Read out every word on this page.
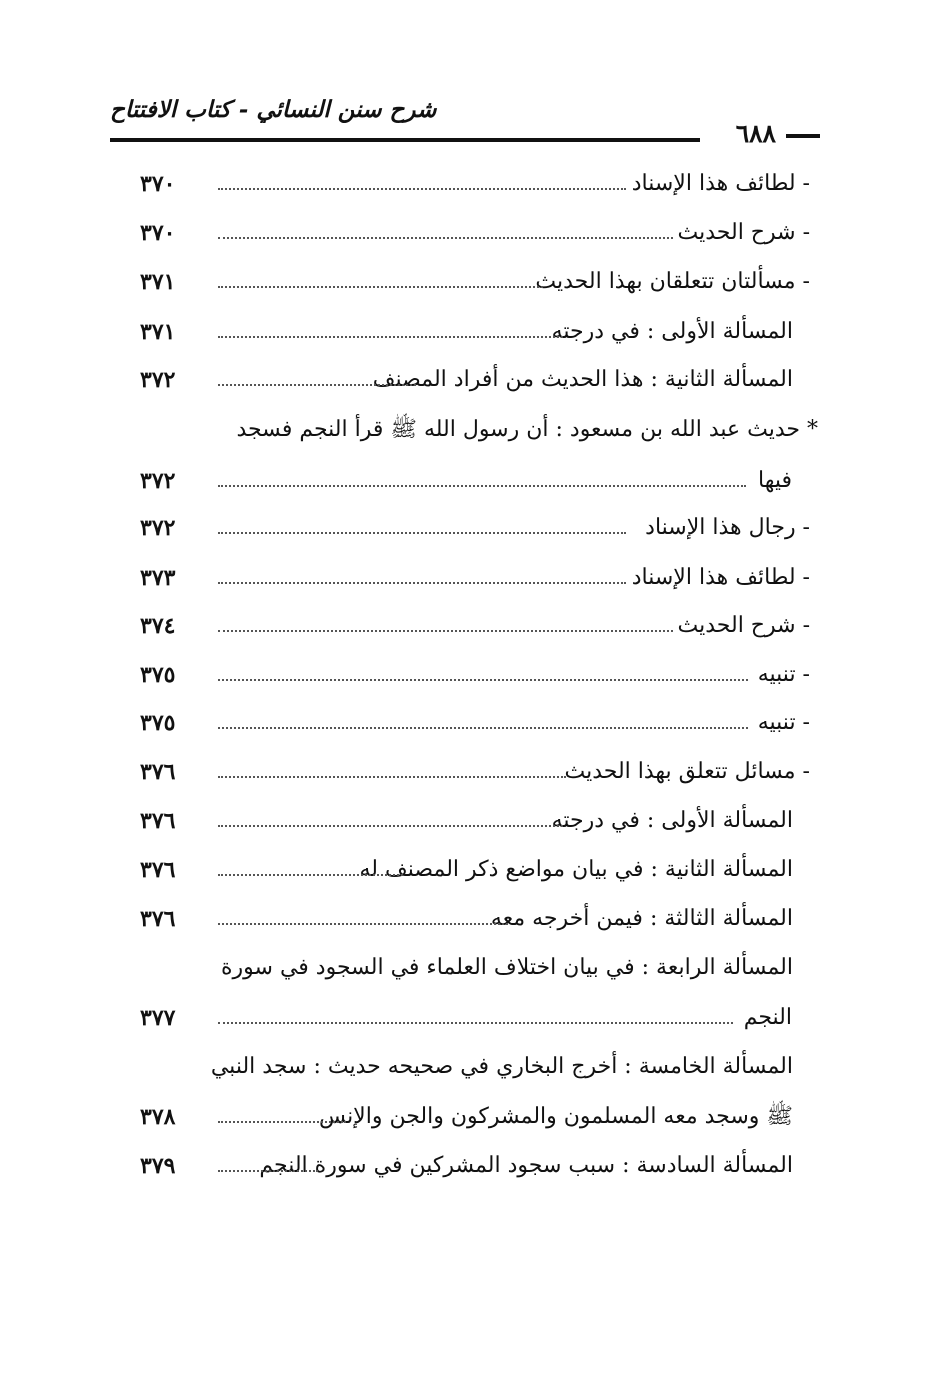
شرح سنن النسائي - كتاب الافتتاح
٦٨٨
- لطائف هذا الإسناد
٣٧٠
- شرح الحديث
٣٧٠
- مسألتان تتعلقان بهذا الحديث
٣٧١
المسألة الأولى : في درجته
٣٧١
المسألة الثانية : هذا الحديث من أفراد المصنف
٣٧٢
* حديث عبد الله بن مسعود : أن رسول الله ﷺ قرأ النجم فسجد
فيها
٣٧٢
- رجال هذا الإسناد
٣٧٢
- لطائف هذا الإسناد
٣٧٣
- شرح الحديث
٣٧٤
- تنبيه
٣٧٥
- تنبيه
٣٧٥
- مسائل تتعلق بهذا الحديث
٣٧٦
المسألة الأولى : في درجته
٣٧٦
المسألة الثانية : في بيان مواضع ذكر المصنف له
٣٧٦
المسألة الثالثة : فيمن أخرجه معه
٣٧٦
المسألة الرابعة : في بيان اختلاف العلماء في السجود في سورة
النجم
٣٧٧
المسألة الخامسة : أخرج البخاري في صحيحه حديث : سجد النبي
ﷺ وسجد معه المسلمون والمشركون والجن والإنس
٣٧٨
المسألة السادسة : سبب سجود المشركين في سورة النجم
٣٧٩
